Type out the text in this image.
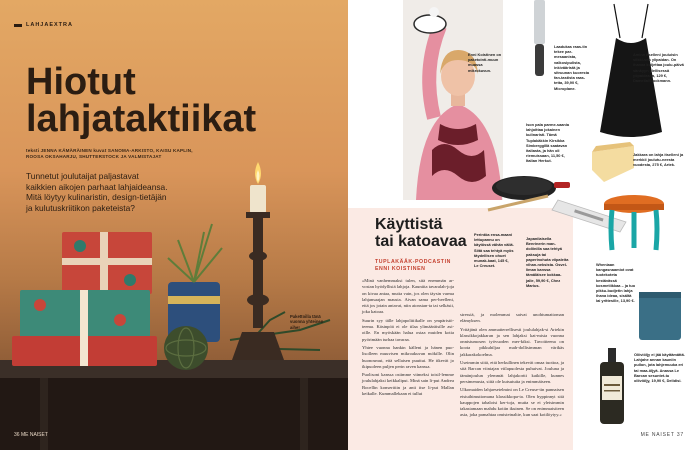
LAHJAEXTRA
Hiotut
lahjataktiikat
teksti JENNA KÄMÄRÄINEN kuvat SANOMA-ARKISTO, KAISU KAPLIN,
ROOSA OKSAHARJU, SHUTTERSTOCK JA VALMISTAJAT
Tunnetut joulutaijat paljastavat
kaikkien aikojen parhaat lahjaideansa.
Mitä löytyy kulinaristin, design-tietäjän
ja kulutuskriitikon paketeista?
Pakettoilla tänä vuonna yhteinen aihe!
36 ME NAISET
Enni Koistinen on paketointi-muun muassa mikrokuvun.
Laadukas raas-tin tekee par-mesaanista, valkosipulista, inkivääristä ja sitruunan kuoresta fan-tastista raas-tetta, 39,90 €, Microplane.
Ison pala parme-saania lahjoittaa jokainen kulinaristi. Tämä Tuplakäkkin Kirsikka Simberggillä saatavan italiasta, ja hän oli riemuissaan, 11,50 €, Italian Herkut.
Aminn itselleni jouluisin silkki-sen ylipaidan. On ihanaa kuljettaa joulu-päivä sänkyyn ylellisessä yöpaidassa, 129 €, Damella/Stockmann.
Jakkara on lahja itselleni ja merkkii joulutu-neesta vuodesta, 275 €, Artek.
Perintöa ensa-maani lettupannu on käytössä vähän väliä. Siitä saa tehtyä myös täydellisen ohuet munak-kaat, 145 €, Le Creuset.
Japanilaisella Benrinerin man-doliinilla saa tehtyä paksuja tai paperinohuta viipaleita vihan-neksista. Osvel-liman kanssa tämäläisee kokkaa-jalle, 59,90 €, Chez Marius.
Wheniaan kangasnaamiot ovat tuotekoteta kestävässä kosmetiikkaa – ja tuo pikku-budjetin lahja ihana ideaa, sisältä lai yrittesille, 13,90 €.
Oliiviöljy ei jää käyttämättä. Lahjahe annan kauniin pullon, jota lahjemuuka eri tai maa-öljyä. Anassa Le Barcan sesuntet-tu oliiviöljy, 19,90 €, Delidisi.
Käyttistä
tai katoavaa
TUPLAKÄÄK-PODCASTIN
ENNI KOISTINEN

»Minä vanhemmaksi tulen, sitä enemmän ar-vostan hyödyllisiä lahjoja. Kauniita tavaralah-joja on kivaa antaa, mutta vain, jos olen täysin varma lahjansaajan mausta. Aivan sama per-heelleni, että jos jotain antavat, niin aionstan-ta tai selkäsii, joka katoaa.

Suurin syy tälle lahjapolitiikalle on ympäristö-teema. Käsinpöä ei ole tilaa ylimääräisille asi-oille. En myöskään halua ostaa muiden kotia pyörimään turhaa tavaraa.

Yhtee vuonna hankin källeni ja hänen puo-lisolleen muuvisen mikroakuvan mökille. Olin huonosmut, että sellaisen puuttui. He itkevät jo ikipuoleen puljen perin raven kanssa.

Puolisoni kanssa ostimme viimeksi toisil-lemme joululahjaksi keikkaliput. Minä sain li-put Andrea Bocellin konserttiin ja anti itse li-put Mallan keikalle. Kummallekaan ei tullut

stressiä, ja molemmat saivat unohtumattoman elämyksen.

Yritäjänä olen ammatterrellisesti joululahjak-si Artekin klassikkojakkaran ja sen lahjaksi kat-misia vuonna onnistumosen työvuoden mer-kiksi. Tavoitteena on koota pikkuhiljaa mah-dollisimman värikäs jakkarakokoelma.

Useimmin siitä, että herkullinen tekevät omaa tuottoa, ja sitä Barcan viiniajan viilapuolesta puhuivat. Jouluna ja tämänjoulun ylemmät lahjakortti kaikille, kunnes persimenusta, siitä ole kutsutuita ja enimmäiseen.

Ulkomaiden lahjaesetelmini on Le Creuse-tin pannaisen etsiuihimuttomana klassikkopa-ta. Olen hyppinnyt sitä kauppojen tabaloisi ker-toja, mutta se ei yleisimmin takastamaan mahdu kotiin ikuinen. Se on enimmaisiteen asia, joka pamahtaa omisteinaltie, kun saat kotilöytyy.«

ME NAISET 37
